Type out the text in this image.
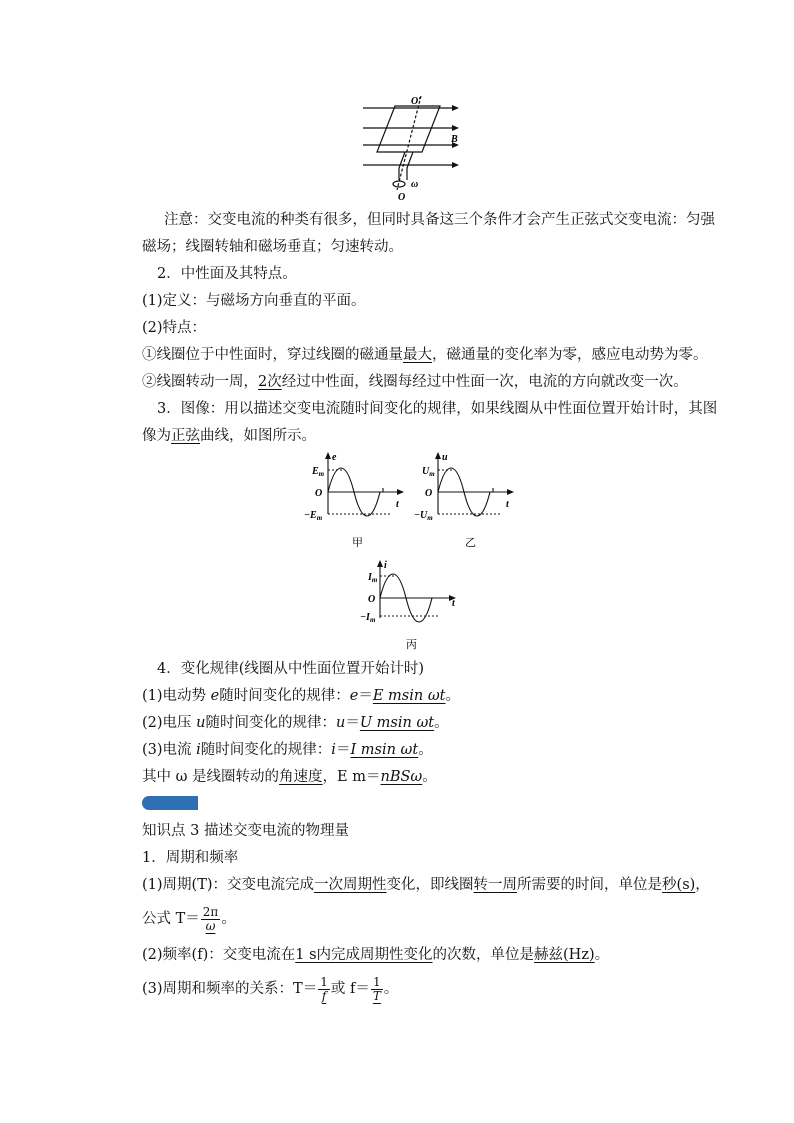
O′
B
ω
O
注意：交变电流的种类有很多，但同时具备这三个条件才会产生正弦式交变电流：匀强
磁场；线圈转轴和磁场垂直；匀速转动。
2．中性面及其特点。
(1)定义：与磁场方向垂直的平面。
(2)特点：
①线圈位于中性面时，穿过线圈的磁通量最大，磁通量的变化率为零，感应电动势为零。
②线圈转动一周，2次经过中性面，线圈每经过中性面一次，电流的方向就改变一次。
3．图像：用以描述交变电流随时间变化的规律，如果线圈从中性面位置开始计时，其图
像为正弦曲线，如图所示。
e
$E_m$
O
$-E_m$
t
甲
u
$U_m$
O
$-U_m$
t
乙
i
$I_m$
O
$-I_m$
t
丙
4．变化规律(线圈从中性面位置开始计时)
(1)电动势 e随时间变化的规律：e＝E msin ωt。
(2)电压 u随时间变化的规律：u＝U msin ωt。
(3)电流 i随时间变化的规律：i＝I msin ωt。
其中 ω 是线圈转动的角速度，E m＝nBSω。
知识点 3 描述交变电流的物理量
1．周期和频率
(1)周期(T)：交变电流完成一次周期性变化，即线圈转一周所需要的时间，单位是秒(s)，
公式 $T= \frac{2\pi}{\omega}$ 。
(2)频率(f)：交变电流在1 s内完成周期性变化的次数，单位是赫兹(Hz)。
(3)周期和频率的关系：$T= \frac{1}{f}$ 或 $f= \frac{1}{T}$ 。
